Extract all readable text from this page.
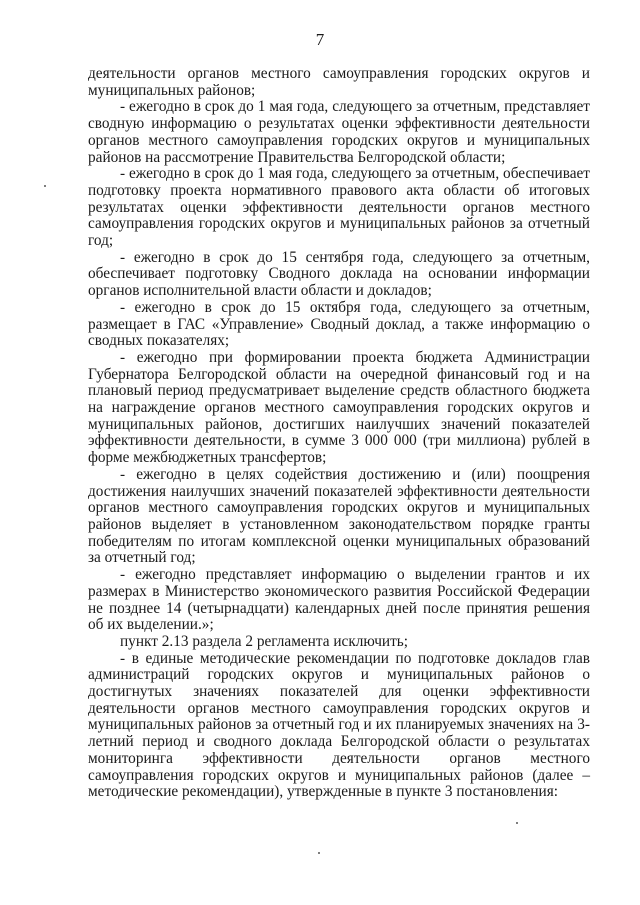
7

деятельности органов местного самоуправления городских округов и муниципальных районов;

- ежегодно в срок до 1 мая года, следующего за отчетным, представляет сводную информацию о результатах оценки эффективности деятельности органов местного самоуправления городских округов и муниципальных районов на рассмотрение Правительства Белгородской области;

- ежегодно в срок до 1 мая года, следующего за отчетным, обеспечивает подготовку проекта нормативного правового акта области об итоговых результатах оценки эффективности деятельности органов местного самоуправления городских округов и муниципальных районов за отчетный год;

- ежегодно в срок до 15 сентября года, следующего за отчетным, обеспечивает подготовку Сводного доклада на основании информации органов исполнительной власти области и докладов;

- ежегодно в срок до 15 октября года, следующего за отчетным, размещает в ГАС «Управление» Сводный доклад, а также информацию о сводных показателях;

- ежегодно при формировании проекта бюджета Администрации Губернатора Белгородской области на очередной финансовый год и на плановый период предусматривает выделение средств областного бюджета на награждение органов местного самоуправления городских округов и муниципальных районов, достигших наилучших значений показателей эффективности деятельности, в сумме 3 000 000 (три миллиона) рублей в форме межбюджетных трансфертов;

- ежегодно в целях содействия достижению и (или) поощрения достижения наилучших значений показателей эффективности деятельности органов местного самоуправления городских округов и муниципальных районов выделяет в установленном законодательством порядке гранты победителям по итогам комплексной оценки муниципальных образований за отчетный год;

- ежегодно представляет информацию о выделении грантов и их размерах в Министерство экономического развития Российской Федерации не позднее 14 (четырнадцати) календарных дней после принятия решения об их выделении.»;

пункт 2.13 раздела 2 регламента исключить;

- в единые методические рекомендации по подготовке докладов глав администраций городских округов и муниципальных районов о достигнутых значениях показателей для оценки эффективности деятельности органов местного самоуправления городских округов и муниципальных районов за отчетный год и их планируемых значениях на 3-летний период и сводного доклада Белгородской области о результатах мониторинга эффективности деятельности органов местного самоуправления городских округов и муниципальных районов (далее – методические рекомендации), утвержденные в пункте 3 постановления:
